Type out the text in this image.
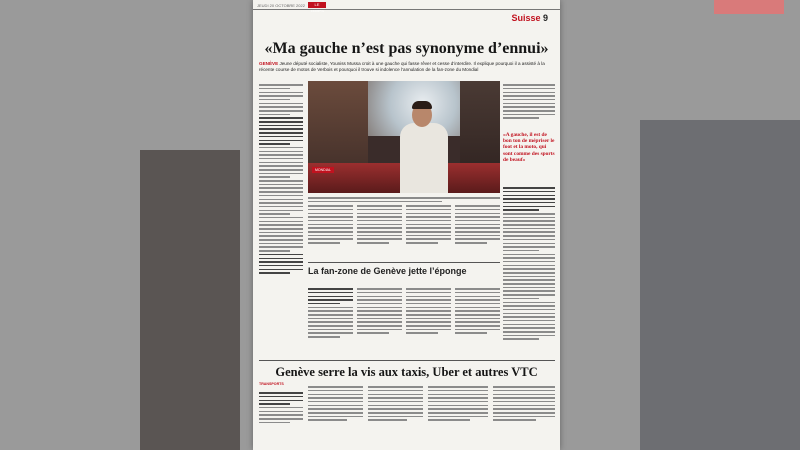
JEUDI 20 OCTOBRE 2022	LE TEMPS
Suisse 9
«Ma gauche n’est pas synonyme d’ennui»
GENÈVE Jeune député socialiste, Youniss Mussa croit à une gauche qui fasse rêver et cesse d’interdire. Il explique pourquoi il a assisté à la récente course de motos de Verbois et pourquoi il trouve si indolence l’annulation de la fan-zone du Mondial
MONDIAL
«A gauche, il est de bon ton de mépriser le foot et la moto, qui sont comme des sports de beauf»
La fan-zone de Genève jette l’éponge
Genève serre la vis aux taxis, Uber et autres VTC
TRANSPORTS
